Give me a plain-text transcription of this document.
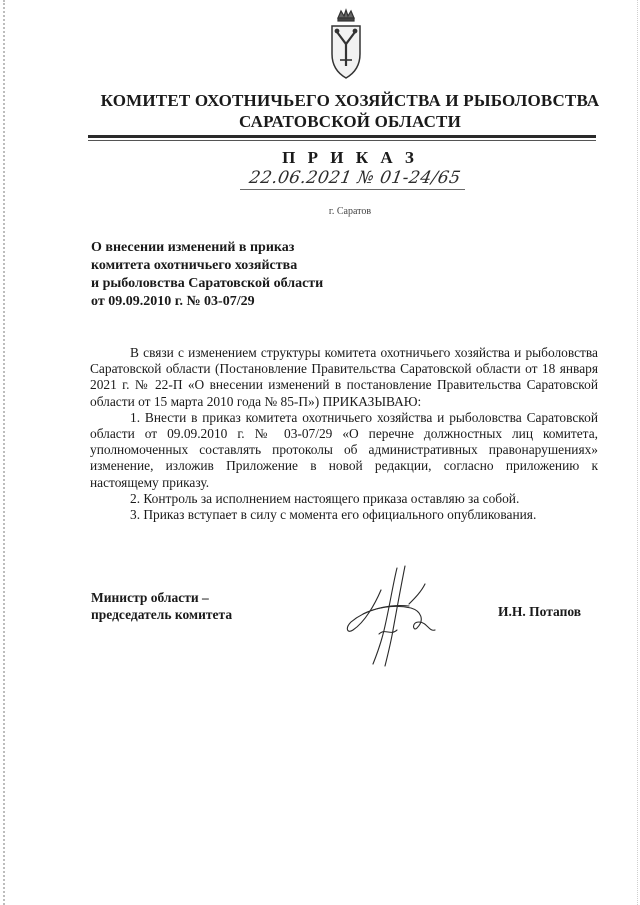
КОМИТЕТ ОХОТНИЧЬЕГО ХОЗЯЙСТВА И РЫБОЛОВСТВА
САРАТОВСКОЙ ОБЛАСТИ
П Р И К А З
22.06.2021 № 01-24/65
г. Саратов
О внесении изменений в приказ
комитета охотничьего хозяйства
и рыболовства Саратовской области
от 09.09.2010 г. № 03-07/29

В связи с изменением структуры комитета охотничьего хозяйства и рыболовства Саратовской области (Постановление Правительства Саратовской области от 18 января 2021 г. № 22-П «О внесении изменений в постановление Правительства Саратовской области от 15 марта 2010 года № 85-П») ПРИКАЗЫВАЮ:

1. Внести в приказ комитета охотничьего хозяйства и рыболовства Саратовской области от 09.09.2010 г. № 03-07/29 «О перечне должностных лиц комитета, уполномоченных составлять протоколы об административных правонарушениях» изменение, изложив Приложение в новой редакции, согласно приложению к настоящему приказу.

2. Контроль за исполнением настоящего приказа оставляю за собой.

3. Приказ вступает в силу с момента его официального опубликования.

Министр области –
председатель комитета	И.Н. Потапов
